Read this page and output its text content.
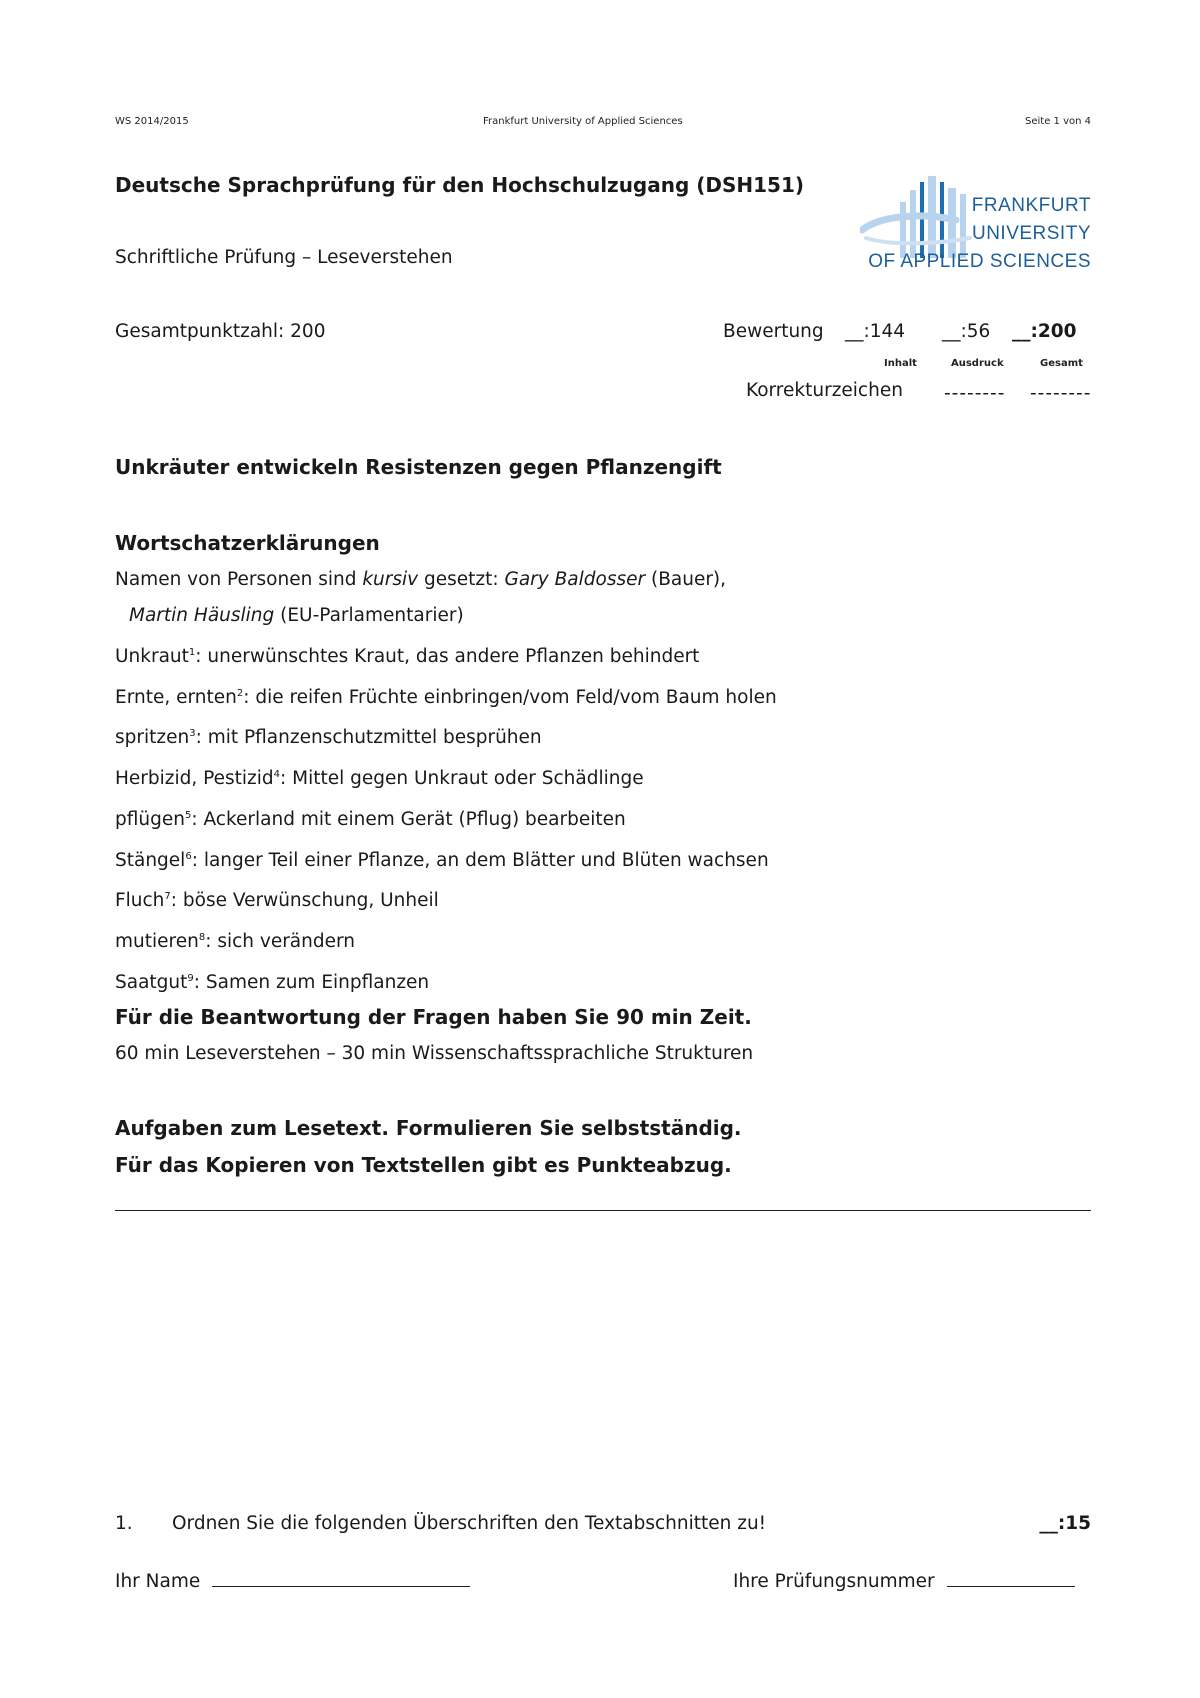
WS 2014/2015	Frankfurt University of Applied Sciences	Seite 1 von 4
Deutsche Sprachprüfung für den Hochschulzugang (DSH151)
Schriftliche Prüfung – Leseverstehen
FRANKFURT
UNIVERSITY
OF APPLIED SCIENCES
Gesamtpunktzahl: 200	Bewertung __:144 __:56 __:200
Inhalt	Ausdruck	Gesamt
Korrekturzeichen -------- --------
Unkräuter entwickeln Resistenzen gegen Pflanzengift
Wortschatzerklärungen
Namen von Personen sind kursiv gesetzt: Gary Baldosser (Bauer),
Martin Häusling (EU-Parlamentarier)
Unkraut$^1$: unerwünschtes Kraut, das andere Pflanzen behindert
Ernte, ernten$^2$: die reifen Früchte einbringen/vom Feld/vom Baum holen
spritzen$^3$: mit Pflanzenschutzmittel besprühen
Herbizid, Pestizid$^4$: Mittel gegen Unkraut oder Schädlinge
pflügen$^5$: Ackerland mit einem Gerät (Pflug) bearbeiten
Stängel$^6$: langer Teil einer Pflanze, an dem Blätter und Blüten wachsen
Fluch$^7$: böse Verwünschung, Unheil
mutieren$^8$: sich verändern
Saatgut$^9$: Samen zum Einpflanzen
Für die Beantwortung der Fragen haben Sie 90 min Zeit.
60 min Leseverstehen – 30 min Wissenschaftssprachliche Strukturen
Aufgaben zum Lesetext. Formulieren Sie selbstständig.
Für das Kopieren von Textstellen gibt es Punkteabzug.
1. Ordnen Sie die folgenden Überschriften den Textabschnitten zu!	__:15
Ihr Name	Ihre Prüfungsnummer
